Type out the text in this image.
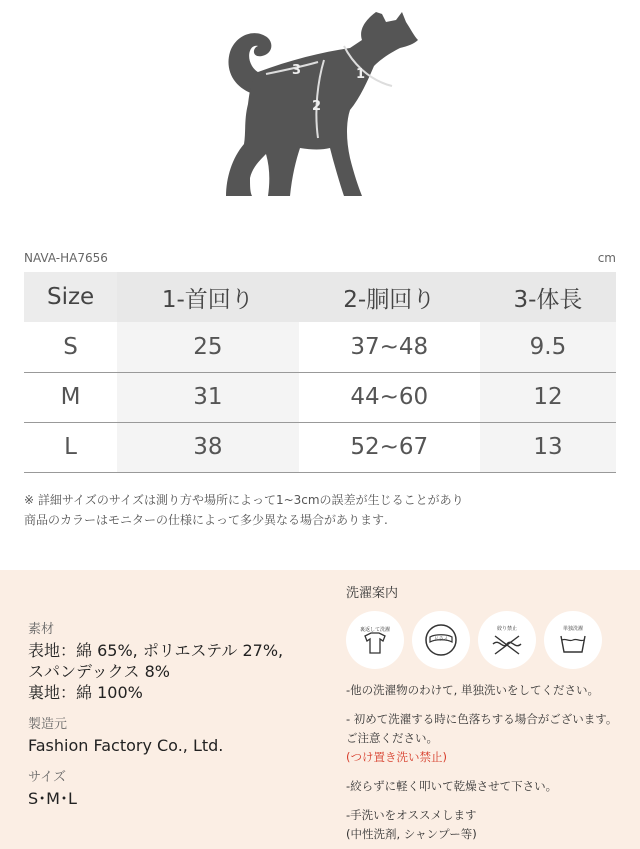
3
2
1
NAVA-HA7656	cm
Size	1-首回り	2-胴回り	3-体長
S	25	37~48	9.5
M	31	44~60	12
L	38	52~67	13
※ 詳細サイズのサイズは測り方や場所によって1~3cmの誤差が生じることがあり
商品のカラーはモニターの仕様によって多少異なる場合があります.
素材
表地：綿 65%, ポリエステル 27%,
スパンデックス 8%
裏地：綿 100%
製造元
Fashion Factory Co., Ltd.
サイズ
S･M･L
洗濯案内
裏返して洗濯
ドライ
絞り禁止	単独洗濯
-他の洗濯物のわけて, 単独洗いをしてください。
- 初めて洗濯する時に色落ちする場合がございます。
ご注意ください。
(つけ置き洗い禁止)
-絞らずに軽く叩いて乾燥させて下さい。
-手洗いをオススメします
(中性洗剤, シャンプー等)
